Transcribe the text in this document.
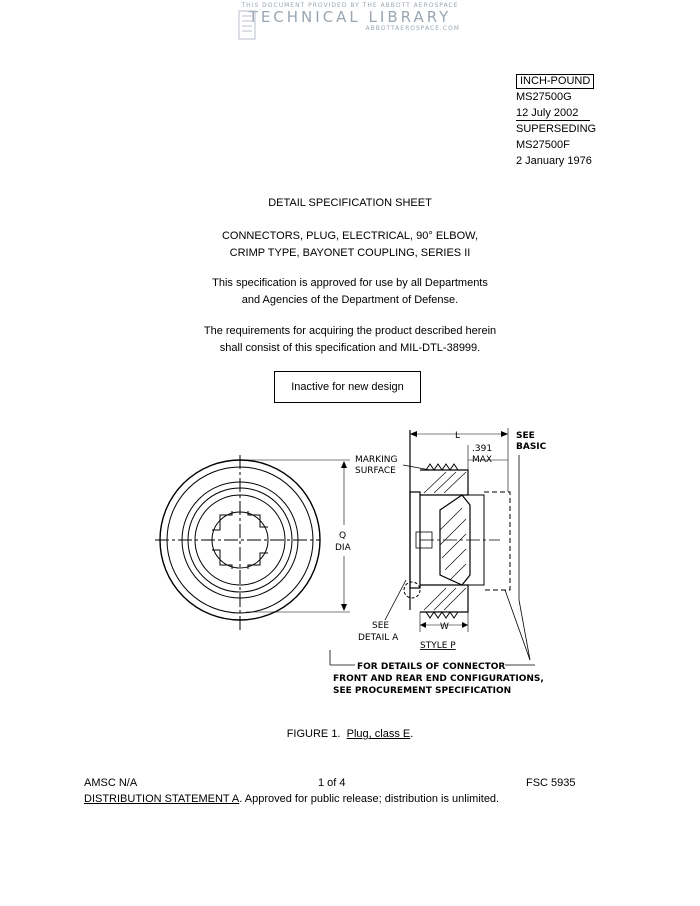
THIS DOCUMENT PROVIDED BY THE ABBOTT AEROSPACE
TECHNICAL LIBRARY
ABBOTTAEROSPACE.COM
INCH-POUND
MS27500G
12 July 2002
SUPERSEDING
MS27500F
2 January 1976
DETAIL SPECIFICATION SHEET
CONNECTORS, PLUG, ELECTRICAL, 90° ELBOW,
CRIMP TYPE, BAYONET COUPLING, SERIES II
This specification is approved for use by all Departments
and Agencies of the Department of Defense.
The requirements for acquiring the product described herein
shall consist of this specification and MIL-DTL-38999.
Inactive for new design
L
.391
MAX
SEE
BASIC
MARKING
SURFACE
Q
DIA
SEE
DETAIL A
W
STYLE P
FOR DETAILS OF CONNECTOR
FRONT AND REAR END CONFIGURATIONS,
SEE PROCUREMENT SPECIFICATION
FIGURE 1. Plug, class E.
AMSC N/A	1 of 4	FSC 5935
DISTRIBUTION STATEMENT A. Approved for public release; distribution is unlimited.
